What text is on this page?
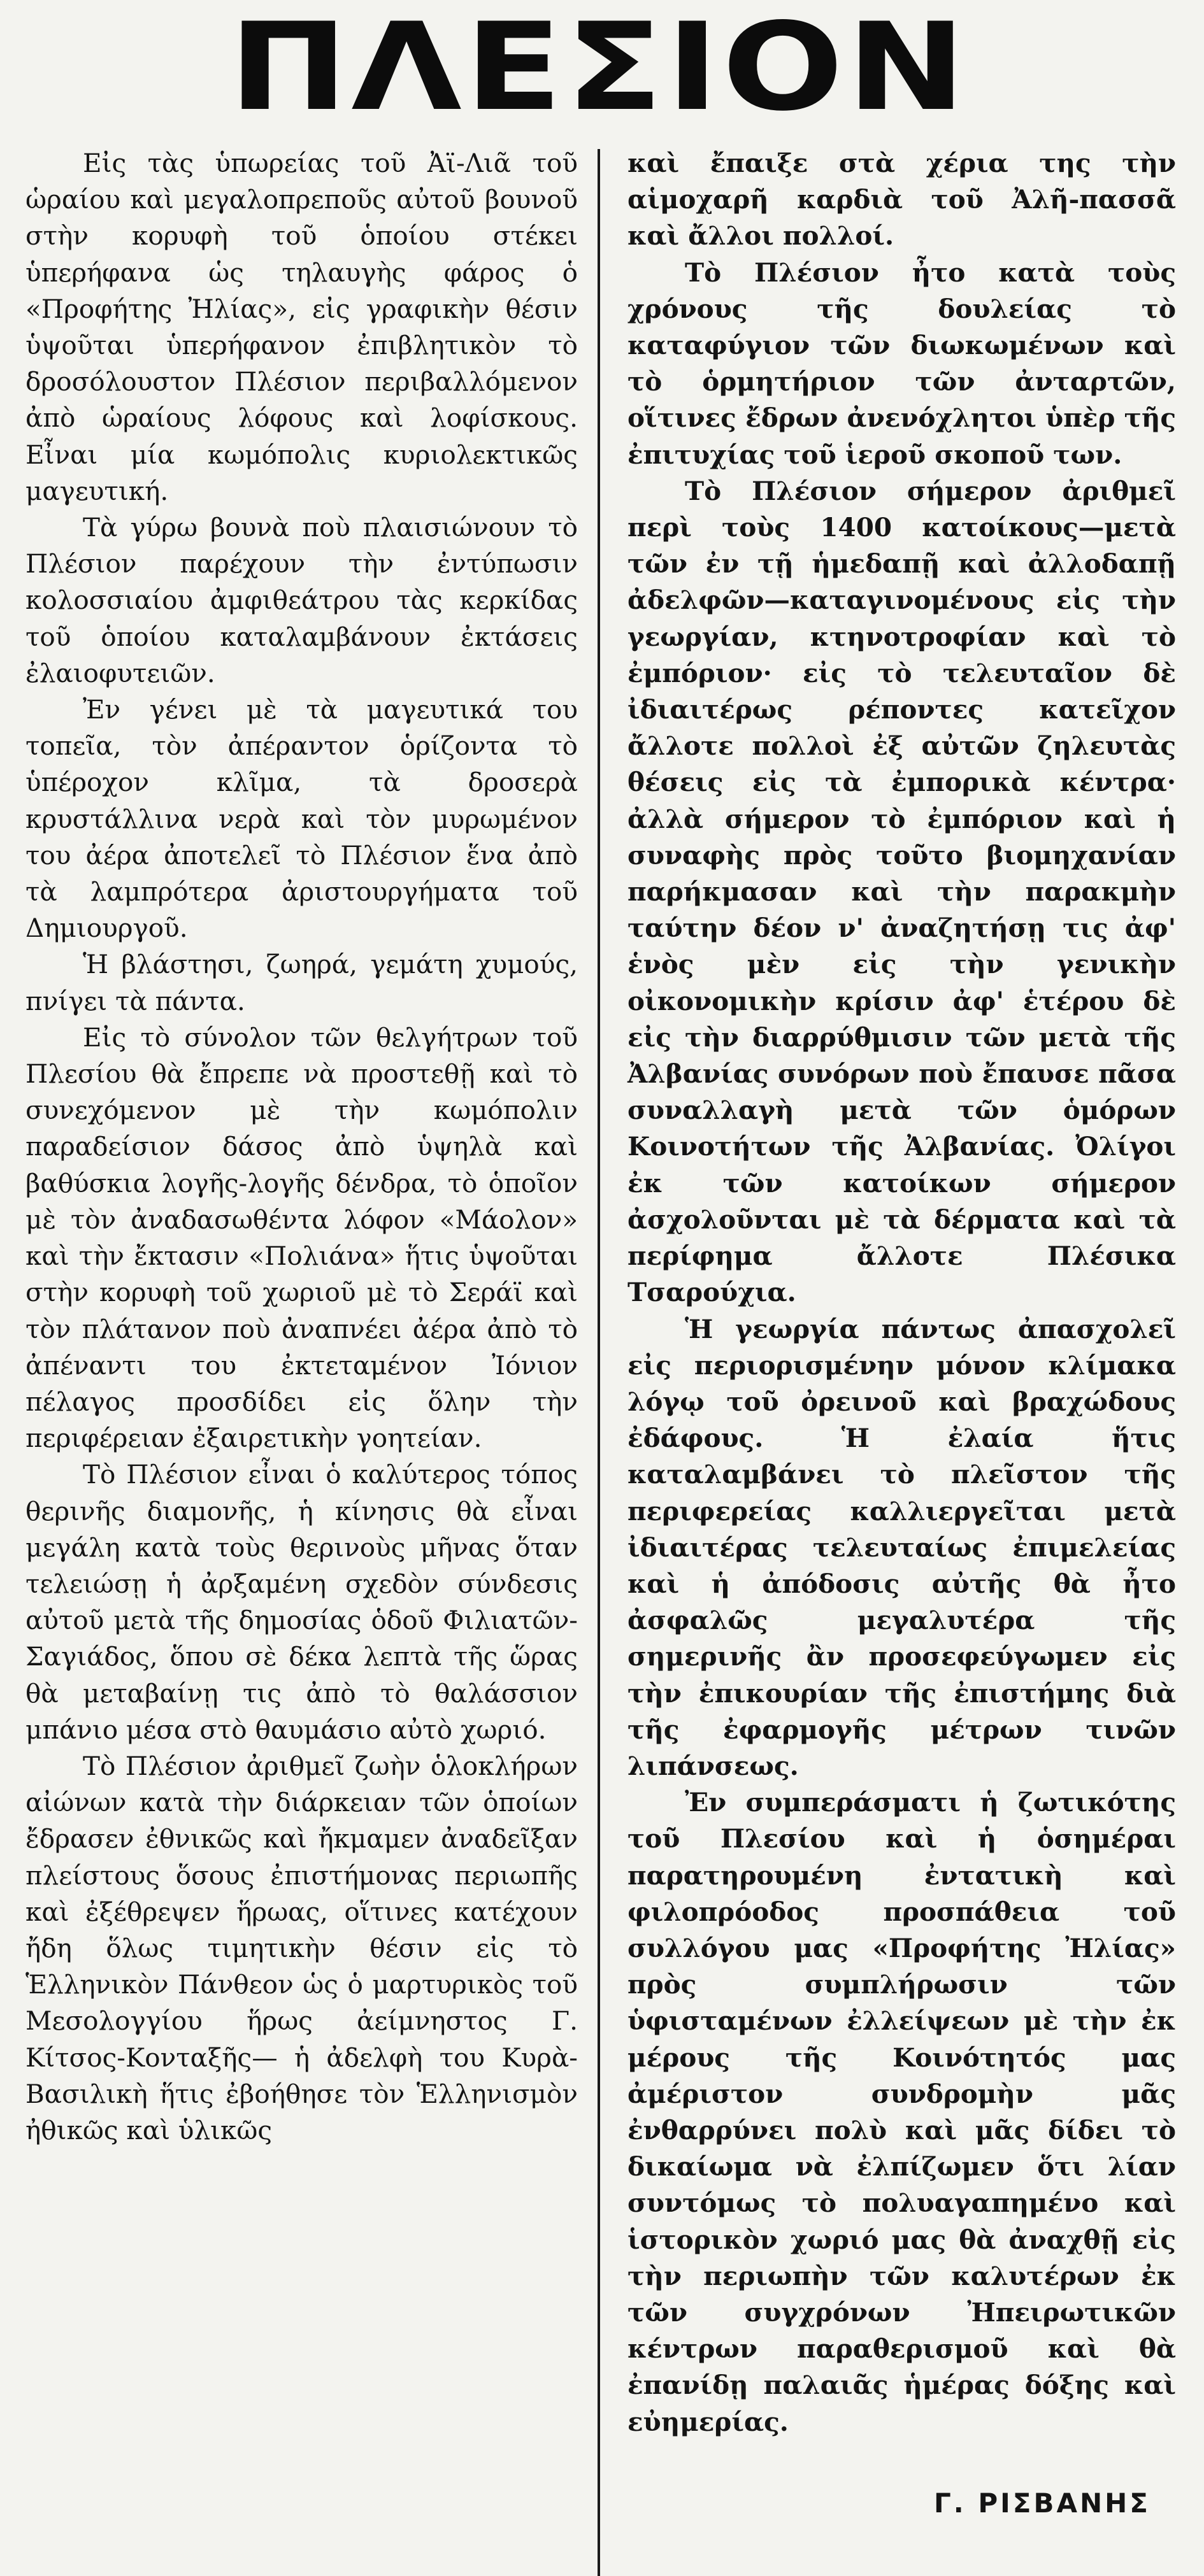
ΠΛΕΣΙΟΝ

Εἰς τὰς ὑπωρείας τοῦ Ἀϊ-Λιᾶ τοῦ ὡραίου καὶ μεγαλοπρεποῦς αὐτοῦ βουνοῦ στὴν κορυφὴ τοῦ ὁποίου στέκει ὑπερήφανα ὡς τηλαυγὴς φάρος ὁ «Προφήτης Ἠλίας», εἰς γραφικὴν θέσιν ὑψοῦται ὑπερήφανον ἐπιβλητικὸν τὸ δροσόλουστον Πλέσιον περιβαλλόμενον ἀπὸ ὡραίους λόφους καὶ λοφίσκους. Εἶναι μία κωμόπολις κυριολεκτικῶς μαγευτική.

Τὰ γύρω βουνὰ ποὺ πλαισιώνουν τὸ Πλέσιον παρέχουν τὴν ἐντύπωσιν κολοσσιαίου ἀμφιθεάτρου τὰς κερκίδας τοῦ ὁποίου καταλαμβάνουν ἐκτάσεις ἐλαιοφυτειῶν.

Ἐν γένει μὲ τὰ μαγευτικά του τοπεῖα, τὸν ἀπέραντον ὁρίζοντα τὸ ὑπέροχον κλῖμα, τὰ δροσερὰ κρυστάλλινα νερὰ καὶ τὸν μυρωμένον του ἀέρα ἀποτελεῖ τὸ Πλέσιον ἕνα ἀπὸ τὰ λαμπρότερα ἀριστουργήματα τοῦ Δημιουργοῦ.

Ἡ βλάστησι, ζωηρά, γεμάτη χυμούς, πνίγει τὰ πάντα.

Εἰς τὸ σύνολον τῶν θελγήτρων τοῦ Πλεσίου θὰ ἔπρεπε νὰ προστεθῇ καὶ τὸ συνεχόμενον μὲ τὴν κωμόπολιν παραδείσιον δάσος ἀπὸ ὑψηλὰ καὶ βαθύσκια λογῆς-λογῆς δένδρα, τὸ ὁποῖον μὲ τὸν ἀναδασωθέντα λόφον «Μάολον» καὶ τὴν ἔκτασιν «Πολιάνα» ἥτις ὑψοῦται στὴν κορυφὴ τοῦ χωριοῦ μὲ τὸ Σεράϊ καὶ τὸν πλάτανον ποὺ ἀναπνέει ἀέρα ἀπὸ τὸ ἀπέναντι του ἐκτεταμένον Ἰόνιον πέλαγος προσδίδει εἰς ὅλην τὴν περιφέρειαν ἐξαιρετικὴν γοητείαν.

Τὸ Πλέσιον εἶναι ὁ καλύτερος τόπος θερινῆς διαμονῆς, ἡ κίνησις θὰ εἶναι μεγάλη κατὰ τοὺς θερινοὺς μῆνας ὅταν τελειώσῃ ἡ ἀρξαμένη σχεδὸν σύνδεσις αὐτοῦ μετὰ τῆς δημοσίας ὁδοῦ Φιλιατῶν-Σαγιάδος, ὅπου σὲ δέκα λεπτὰ τῆς ὥρας θὰ μεταβαίνῃ τις ἀπὸ τὸ θαλάσσιον μπάνιο μέσα στὸ θαυμάσιο αὐτὸ χωριό.

Τὸ Πλέσιον ἀριθμεῖ ζωὴν ὁλοκλήρων αἰώνων κατὰ τὴν διάρκειαν τῶν ὁποίων ἔδρασεν ἐθνικῶς καὶ ἤκμαμεν ἀναδεῖξαν πλείστους ὅσους ἐπιστήμονας περιωπῆς καὶ ἐξέθρεψεν ἥρωας, οἵτινες κατέχουν ἤδη ὅλως τιμητικὴν θέσιν εἰς τὸ Ἑλληνικὸν Πάνθεον ὡς ὁ μαρτυρικὸς τοῦ Μεσολογγίου ἥρως ἀείμνηστος Γ. Κίτσος-Κονταξῆς— ἡ ἀδελφὴ του Κυρὰ-Βασιλικὴ ἥτις ἐβοήθησε τὸν Ἑλληνισμὸν ἠθικῶς καὶ ὑλικῶς

καὶ ἔπαιξε στὰ χέρια της τὴν αἱμοχαρῆ καρδιὰ τοῦ Ἀλῆ-πασσᾶ καὶ ἄλλοι πολλοί.

Τὸ Πλέσιον ἦτο κατὰ τοὺς χρόνους τῆς δουλείας τὸ καταφύγιον τῶν διωκωμένων καὶ τὸ ὁρμητήριον τῶν ἀνταρτῶν, οἵτινες ἔδρων ἀνενόχλητοι ὑπὲρ τῆς ἐπιτυχίας τοῦ ἱεροῦ σκοποῦ των.

Τὸ Πλέσιον σήμερον ἀριθμεῖ περὶ τοὺς 1400 κατοίκους—μετὰ τῶν ἐν τῇ ἡμεδαπῇ καὶ ἀλλοδαπῇ ἀδελφῶν—καταγινομένους εἰς τὴν γεωργίαν, κτηνοτροφίαν καὶ τὸ ἐμπόριον· εἰς τὸ τελευταῖον δὲ ἰδιαιτέρως ρέποντες κατεῖχον ἄλλοτε πολλοὶ ἐξ αὐτῶν ζηλευτὰς θέσεις εἰς τὰ ἐμπορικὰ κέντρα· ἀλλὰ σήμερον τὸ ἐμπόριον καὶ ἡ συναφὴς πρὸς τοῦτο βιομηχανίαν παρήκμασαν καὶ τὴν παρακμὴν ταύτην δέον ν' ἀναζητήσῃ τις ἀφ' ἑνὸς μὲν εἰς τὴν γενικὴν οἰκονομικὴν κρίσιν ἀφ' ἑτέρου δὲ εἰς τὴν διαρρύθμισιν τῶν μετὰ τῆς Ἀλβανίας συνόρων ποὺ ἔπαυσε πᾶσα συναλλαγὴ μετὰ τῶν ὁμόρων Κοινοτήτων τῆς Ἀλβανίας. Ὀλίγοι ἐκ τῶν κατοίκων σήμερον ἀσχολοῦνται μὲ τὰ δέρματα καὶ τὰ περίφημα ἄλλοτε Πλέσικα Τσαρούχια.

Ἡ γεωργία πάντως ἀπασχολεῖ εἰς περιορισμένην μόνον κλίμακα λόγῳ τοῦ ὀρεινοῦ καὶ βραχώδους ἐδάφους. Ἡ ἐλαία ἥτις καταλαμβάνει τὸ πλεῖστον τῆς περιφερείας καλλιεργεῖται μετὰ ἰδιαιτέρας τελευταίως ἐπιμελείας καὶ ἡ ἀπόδοσις αὐτῆς θὰ ἦτο ἀσφαλῶς μεγαλυτέρα τῆς σημερινῆς ἂν προσεφεύγωμεν εἰς τὴν ἐπικουρίαν τῆς ἐπιστήμης διὰ τῆς ἐφαρμογῆς μέτρων τινῶν λιπάνσεως.

Ἐν συμπεράσματι ἡ ζωτικότης τοῦ Πλεσίου καὶ ἡ ὁσημέραι παρατηρουμένη ἐντατικὴ καὶ φιλοπρόοδος προσπάθεια τοῦ συλλόγου μας «Προφήτης Ἠλίας» πρὸς συμπλήρωσιν τῶν ὑφισταμένων ἐλλείψεων μὲ τὴν ἐκ μέρους τῆς Κοινότητός μας ἀμέριστον συνδρομὴν μᾶς ἐνθαρρύνει πολὺ καὶ μᾶς δίδει τὸ δικαίωμα νὰ ἐλπίζωμεν ὅτι λίαν συντόμως τὸ πολυαγαπημένο καὶ ἱστορικὸν χωριό μας θὰ ἀναχθῇ εἰς τὴν περιωπὴν τῶν καλυτέρων ἐκ τῶν συγχρόνων Ἠπειρωτικῶν κέντρων παραθερισμοῦ καὶ θὰ ἐπανίδῃ παλαιᾶς ἡμέρας δόξης καὶ εὐημερίας.

Γ. ΡΙΣΒΑΝΗΣ
